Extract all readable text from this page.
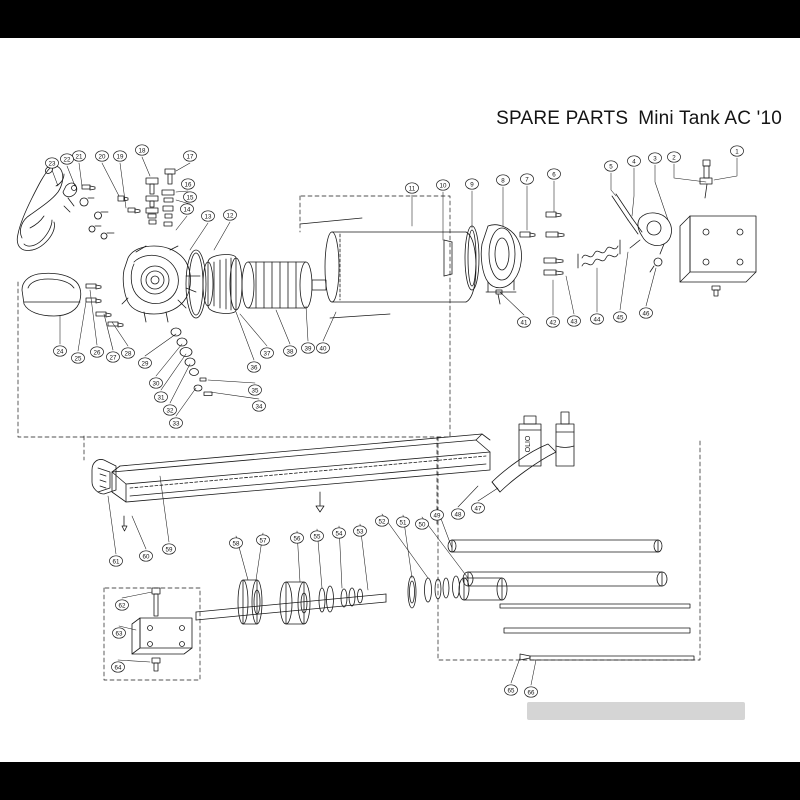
SPARE PARTS Mini Tank AC '10
1
2
3
4
5
6
7
8
9
10
11
12
13
14
15
16
17
18
19
20
21
22
23
24
25
26
27
28
29
30
31
32
33
34
35
36
37	38 39 40
41	42 43	44	45
46
47
48
49
50
51
52
53
54
55
56
57
58
59
60
61
62
63
64
65 66
OLIO
